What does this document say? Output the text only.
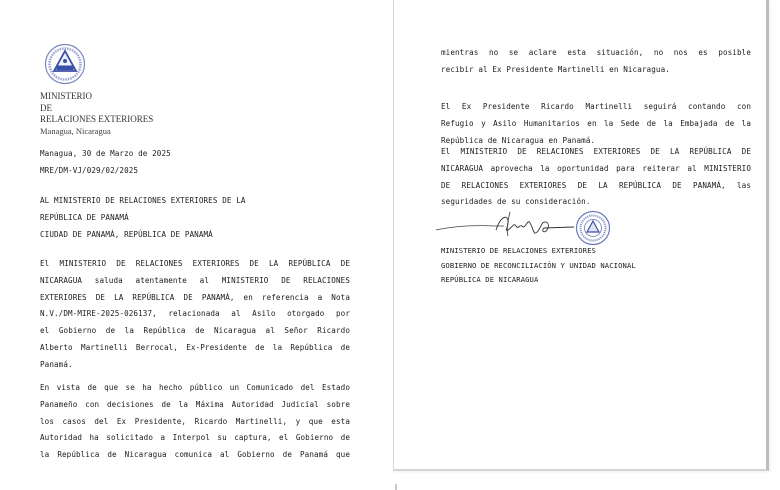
MINISTERIO
DE
RELACIONES EXTERIORES
Managua, Nicaragua
Managua, 30 de Marzo de 2025
MRE/DM-VJ/029/02/2025
AL MINISTERIO DE RELACIONES EXTERIORES DE LA
REPÚBLICA DE PANAMÁ
CIUDAD DE PANAMÁ, REPÚBLICA DE PANAMÁ
El MINISTERIO DE RELACIONES EXTERIORES DE LA REPÚBLICA DE
NICARAGUA saluda atentamente al MINISTERIO DE RELACIONES
EXTERIORES DE LA REPÚBLICA DE PANAMÁ, en referencia a Nota
N.V./DM-MIRE-2025-026137, relacionada al Asilo otorgado por
el Gobierno de la República de Nicaragua al Señor Ricardo
Alberto Martinelli Berrocal, Ex-Presidente de la República de
Panamá.
En vista de que se ha hecho público un Comunicado del Estado
Panameño con decisiones de la Máxima Autoridad Judicial sobre
los casos del Ex Presidente, Ricardo Martinelli, y que esta
Autoridad ha solicitado a Interpol su captura, el Gobierno de
la República de Nicaragua comunica al Gobierno de Panamá que
mientras no se aclare esta situación, no nos es posible
recibir al Ex Presidente Martinelli en Nicaragua.
El Ex Presidente Ricardo Martinelli seguirá contando con
Refugio y Asilo Humanitarios en la Sede de la Embajada de la
República de Nicaragua en Panamá.
El MINISTERIO DE RELACIONES EXTERIORES DE LA REPÚBLICA DE
NICARAGUA aprovecha la oportunidad para reiterar al MINISTERIO
DE RELACIONES EXTERIORES DE LA REPÚBLICA DE PANAMÁ, las
seguridades de su consideración.
MINISTERIO DE RELACIONES EXTERIORES
GOBIERNO DE RECONCILIACIÓN Y UNIDAD NACIONAL
REPÚBLICA DE NICARAGUA
